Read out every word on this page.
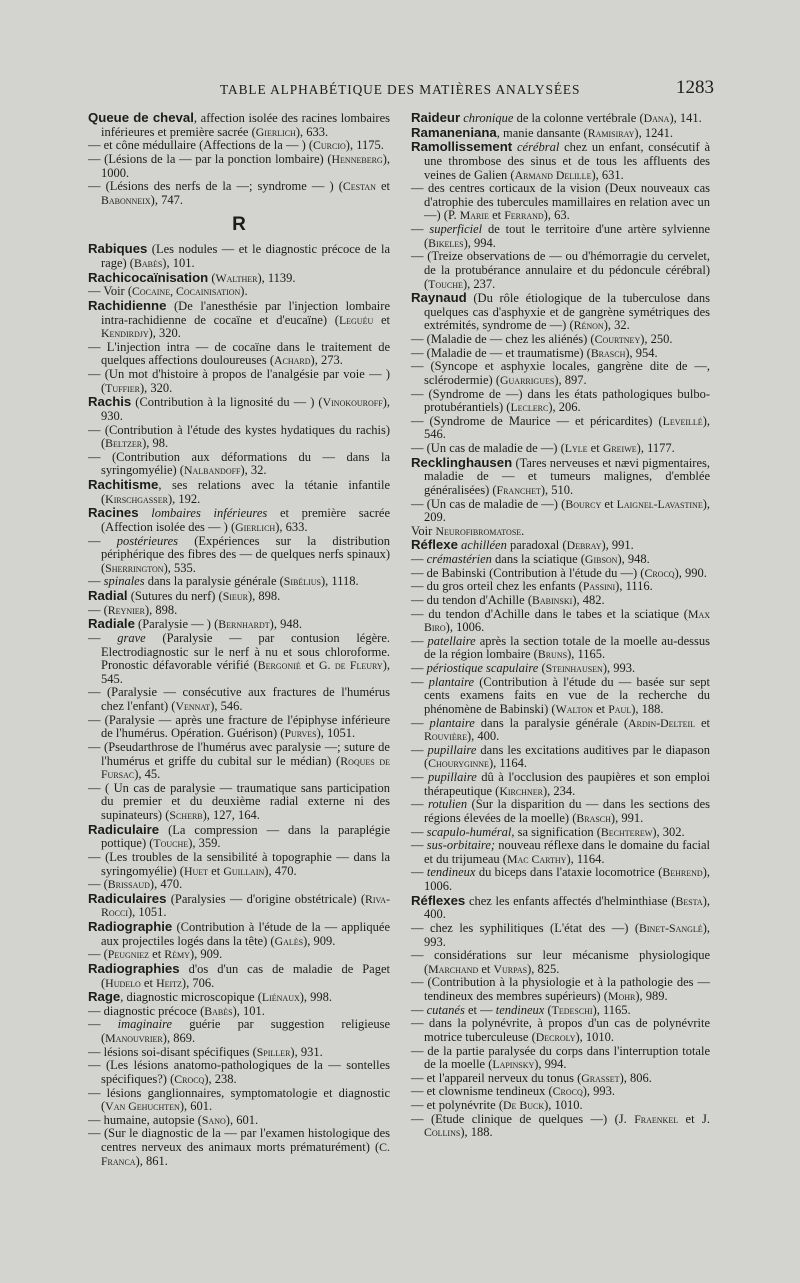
TABLE ALPHABÉTIQUE DES MATIÈRES ANALYSÉES	1283

Queue de cheval, affection isolée des racines lombaires inférieures et première sacrée (Gierlich), 633.

— et cône médullaire (Affections de la — ) (Curcio), 1175.

— (Lésions de la — par la ponction lombaire) (Henneberg), 1000.

— (Lésions des nerfs de la —; syndrome — ) (Cestan et Babonneix), 747.

R

Rabiques (Les nodules — et le diagnostic précoce de la rage) (Babès), 101.

Rachicocaïnisation (Walther), 1139.

— Voir (Cocaine, Cocainisation).

Rachidienne (De l'anesthésie par l'injection lombaire intra-rachidienne de cocaïne et d'eucaïne) (Leguéu et Kendirdjy), 320.

— L'injection intra — de cocaïne dans le traitement de quelques affections douloureuses (Achard), 273.

— (Un mot d'histoire à propos de l'analgésie par voie — ) (Tuffier), 320.

Rachis (Contribution à la lignosité du — ) (Vinokouroff), 930.

— (Contribution à l'étude des kystes hydatiques du rachis) (Beltzer), 98.

— (Contribution aux déformations du — dans la syringomyélie) (Nalbandoff), 32.

Rachitisme, ses relations avec la tétanie infantile (Kirschgasser), 192.

Racines lombaires inférieures et première sacrée (Affection isolée des — ) (Gierlich), 633.

— postérieures (Expériences sur la distribution périphérique des fibres des — de quelques nerfs spinaux) (Sherrington), 535.

— spinales dans la paralysie générale (Sibélius), 1118.

Radial (Sutures du nerf) (Sieur), 898.

— (Reynier), 898.

Radiale (Paralysie — ) (Bernhardt), 948.

— grave (Paralysie — par contusion légère. Electrodiagnostic sur le nerf à nu et sous chloroforme. Pronostic défavorable vérifié (Bergonié et G. de Fleury), 545.

— (Paralysie — consécutive aux fractures de l'humérus chez l'enfant) (Vennat), 546.

— (Paralysie — après une fracture de l'épiphyse inférieure de l'humérus. Opération. Guérison) (Purves), 1051.

— (Pseudarthrose de l'humérus avec paralysie —; suture de l'humérus et griffe du cubital sur le médian) (Roques de Fursac), 45.

— ( Un cas de paralysie — traumatique sans participation du premier et du deuxième radial externe ni des supinateurs) (Scherb), 127, 164.

Radiculaire (La compression — dans la paraplégie pottique) (Touche), 359.

— (Les troubles de la sensibilité à topographie — dans la syringomyélie) (Huet et Guillain), 470.

— (Brissaud), 470.

Radiculaires (Paralysies — d'origine obstétricale) (Riva-Rocci), 1051.

Radiographie (Contribution à l'étude de la — appliquée aux projectiles logés dans la tête) (Galès), 909.

— (Peugniez et Rémy), 909.

Radiographies d'os d'un cas de maladie de Paget (Hudelo et Heitz), 706.

Rage, diagnostic microscopique (Liénaux), 998.

— diagnostic précoce (Babès), 101.

— imaginaire guérie par suggestion religieuse (Manouvrier), 869.

— lésions soi-disant spécifiques (Spiller), 931.

— (Les lésions anatomo-pathologiques de la — sontelles spécifiques?) (Crocq), 238.

— lésions ganglionnaires, symptomatologie et diagnostic (Van Gehuchten), 601.

— humaine, autopsie (Sano), 601.

— (Sur le diagnostic de la — par l'examen histologique des centres nerveux des animaux morts prématurément) (C. Franca), 861.

Raideur chronique de la colonne vertébrale (Dana), 141.

Ramaneniana, manie dansante (Ramisiray), 1241.

Ramollissement cérébral chez un enfant, consécutif à une thrombose des sinus et de tous les affluents des veines de Galien (Armand Delille), 631.

— des centres corticaux de la vision (Deux nouveaux cas d'atrophie des tubercules mamillaires en relation avec un —) (P. Marie et Ferrand), 63.

— superficiel de tout le territoire d'une artère sylvienne (Bikeles), 994.

— (Treize observations de — ou d'hémorragie du cervelet, de la protubérance annulaire et du pédoncule cérébral) (Touche), 237.

Raynaud (Du rôle étiologique de la tuberculose dans quelques cas d'asphyxie et de gangrène symétriques des extrémités, syndrome de —) (Rénon), 32.

— (Maladie de — chez les aliénés) (Courtney), 250.

— (Maladie de — et traumatisme) (Brasch), 954.

— (Syncope et asphyxie locales, gangrène dite de —, sclérodermie) (Guarrigues), 897.

— (Syndrome de —) dans les états pathologiques bulbo-protubérantiels) (Leclerc), 206.

— (Syndrome de Maurice — et péricardites) (Leveillé), 546.

— (Un cas de maladie de —) (Lyle et Greiwe), 1177.

Recklinghausen (Tares nerveuses et nævi pigmentaires, maladie de — et tumeurs malignes, d'emblée généralisées) (Franchet), 510.

— (Un cas de maladie de —) (Bourcy et Laignel-Lavastine), 209.

Voir Neurofibromatose.

Réflexe achilléen paradoxal (Debray), 991.

— crémastérien dans la sciatique (Gibson), 948.

— de Babinski (Contribution à l'étude du —) (Crocq), 990.

— du gros orteil chez les enfants (Passini), 1116.

— du tendon d'Achille (Babinski), 482.

— du tendon d'Achille dans le tabes et la sciatique (Max Biro), 1006.

— patellaire après la section totale de la moelle au-dessus de la région lombaire (Bruns), 1165.

— périostique scapulaire (Steinhausen), 993.

— plantaire (Contribution à l'étude du — basée sur sept cents examens faits en vue de la recherche du phénomène de Babinski) (Walton et Paul), 188.

— plantaire dans la paralysie générale (Ardin-Delteil et Rouvière), 400.

— pupillaire dans les excitations auditives par le diapason (Chouryginne), 1164.

— pupillaire dû à l'occlusion des paupières et son emploi thérapeutique (Kirchner), 234.

— rotulien (Sur la disparition du — dans les sections des régions élevées de la moelle) (Brasch), 991.

— scapulo-huméral, sa signification (Bechterew), 302.

— sus-orbitaire; nouveau réflexe dans le domaine du facial et du trijumeau (Mac Carthy), 1164.

— tendineux du biceps dans l'ataxie locomotrice (Behrend), 1006.

Réflexes chez les enfants affectés d'helminthiase (Besta), 400.

— chez les syphilitiques (L'état des —) (Binet-Sanglé), 993.

— considérations sur leur mécanisme physiologique (Marchand et Vurpas), 825.

— (Contribution à la physiologie et à la pathologie des — tendineux des membres supérieurs) (Mohr), 989.

— cutanés et — tendineux (Tedeschi), 1165.

— dans la polynévrite, à propos d'un cas de polynévrite motrice tuberculeuse (Decroly), 1010.

— de la partie paralysée du corps dans l'interruption totale de la moelle (Lapinsky), 994.

— et l'appareil nerveux du tonus (Grasset), 806.

— et clownisme tendineux (Crocq), 993.

— et polynévrite (De Buck), 1010.

— (Etude clinique de quelques —) (J. Fraenkel et J. Collins), 188.
